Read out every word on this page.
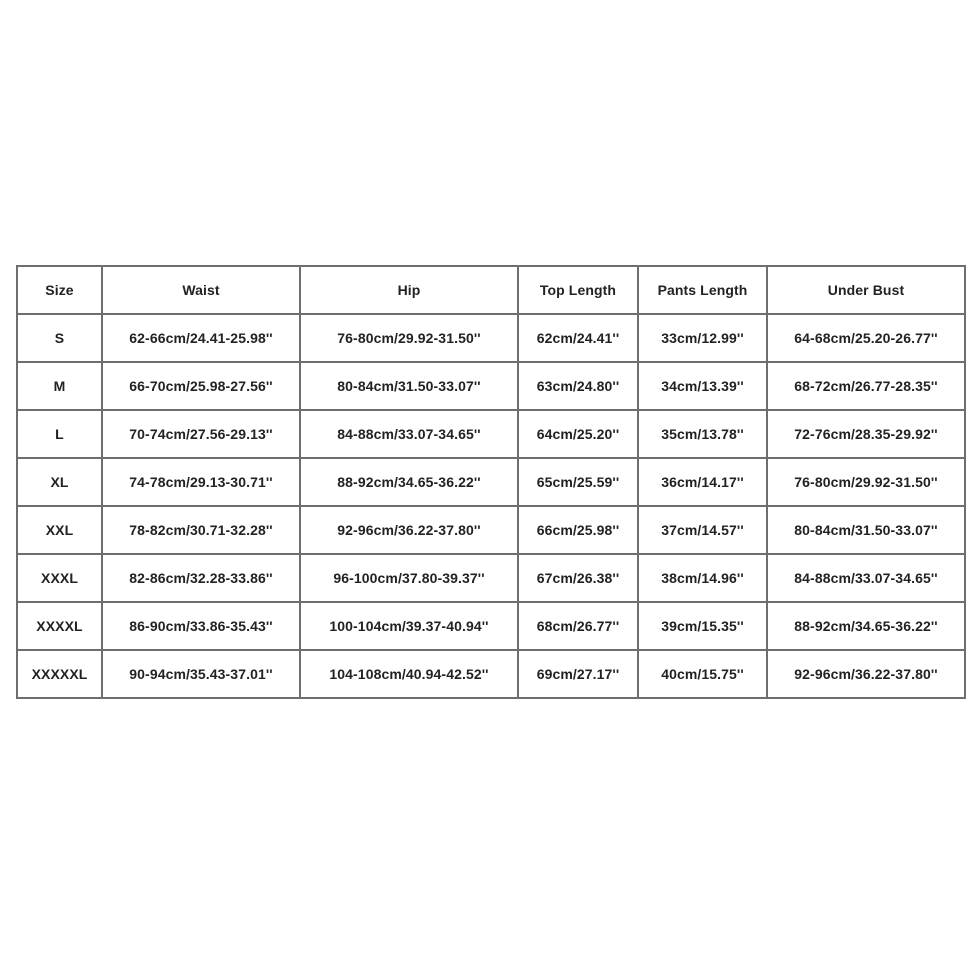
Size	Waist	Hip	Top Length	Pants Length	Under Bust
S	62-66cm/24.41-25.98''	76-80cm/29.92-31.50''	62cm/24.41''	33cm/12.99''	64-68cm/25.20-26.77''
M	66-70cm/25.98-27.56''	80-84cm/31.50-33.07''	63cm/24.80''	34cm/13.39''	68-72cm/26.77-28.35''
L	70-74cm/27.56-29.13''	84-88cm/33.07-34.65''	64cm/25.20''	35cm/13.78''	72-76cm/28.35-29.92''
XL	74-78cm/29.13-30.71''	88-92cm/34.65-36.22''	65cm/25.59''	36cm/14.17''	76-80cm/29.92-31.50''
XXL	78-82cm/30.71-32.28''	92-96cm/36.22-37.80''	66cm/25.98''	37cm/14.57''	80-84cm/31.50-33.07''
XXXL	82-86cm/32.28-33.86''	96-100cm/37.80-39.37''	67cm/26.38''	38cm/14.96''	84-88cm/33.07-34.65''
XXXXL	86-90cm/33.86-35.43''	100-104cm/39.37-40.94''	68cm/26.77''	39cm/15.35''	88-92cm/34.65-36.22''
XXXXXL	90-94cm/35.43-37.01''	104-108cm/40.94-42.52''	69cm/27.17''	40cm/15.75''	92-96cm/36.22-37.80''
